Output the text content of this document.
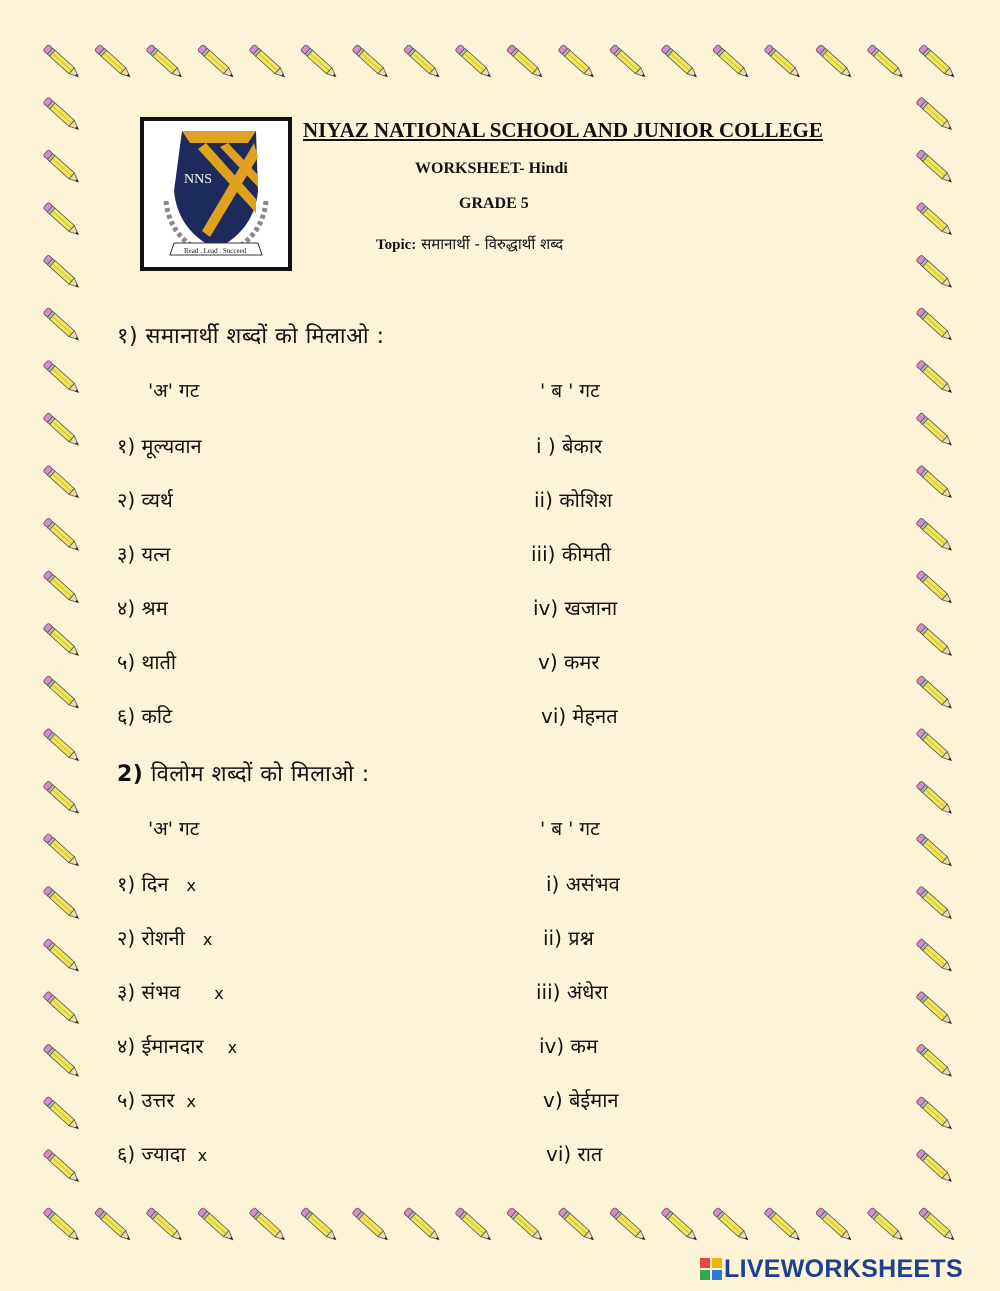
NNS
Read . Lead . Succeed
NIYAZ NATIONAL SCHOOL AND JUNIOR COLLEGE
WORKSHEET- Hindi
GRADE 5
Topic: समानार्थी - विरुद्धार्थी शब्द
१) समानार्थी शब्दों को मिलाओ :
'अ' गट	' ब ' गट
१) मूल्यवान
२) व्यर्थ
३) यत्न
४) श्रम
५) थाती
६) कटि
i ) बेकार
ii) कोशिश
iii) कीमती
iv) खजाना
v) कमर
vi) मेहनत
2) विलोम शब्दों को मिलाओ :
'अ' गट	' ब ' गट
१) दिन x
२) रोशनी x
३) संभव x
४) ईमानदार x
५) उत्तर x
६) ज्यादा x
i) असंभव
ii) प्रश्न
iii) अंधेरा
iv) कम
v) बेईमान
vi) रात
LIVEWORKSHEETS
